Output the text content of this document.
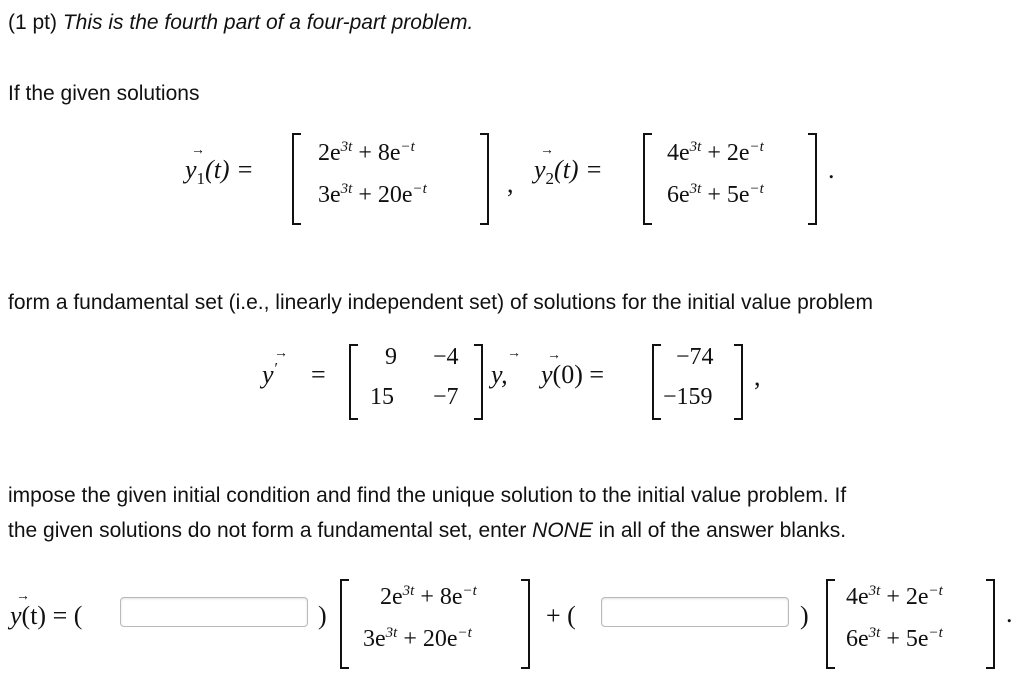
(1 pt) This is the fourth part of a four-part problem.
If the given solutions
→
$y_1(t)$ =
$2e^{3t} + 8e^{-t}$
$3e^{3t} + 20e^{-t}$	,
→
$y_2(t)$ =
$4e^{3t} + 2e^{-t}$
$6e^{3t} + 5e^{-t}$
.
form a fundamental set (i.e., linearly independent set) of solutions for the initial value problem
→
y′ =
9 −4
15 −7
→
y,
→
y(0) =
−74
−159
,
impose the given initial condition and find the unique solution to the initial value problem. If
the given solutions do not form a fundamental set, enter NONE in all of the answer blanks.
→
y(t) = (	)
$2e^{3t} + 8e^{-t}$
$3e^{3t} + 20e^{-t}$
+ (	)
$4e^{3t} + 2e^{-t}$
$6e^{3t} + 5e^{-t}$
.
